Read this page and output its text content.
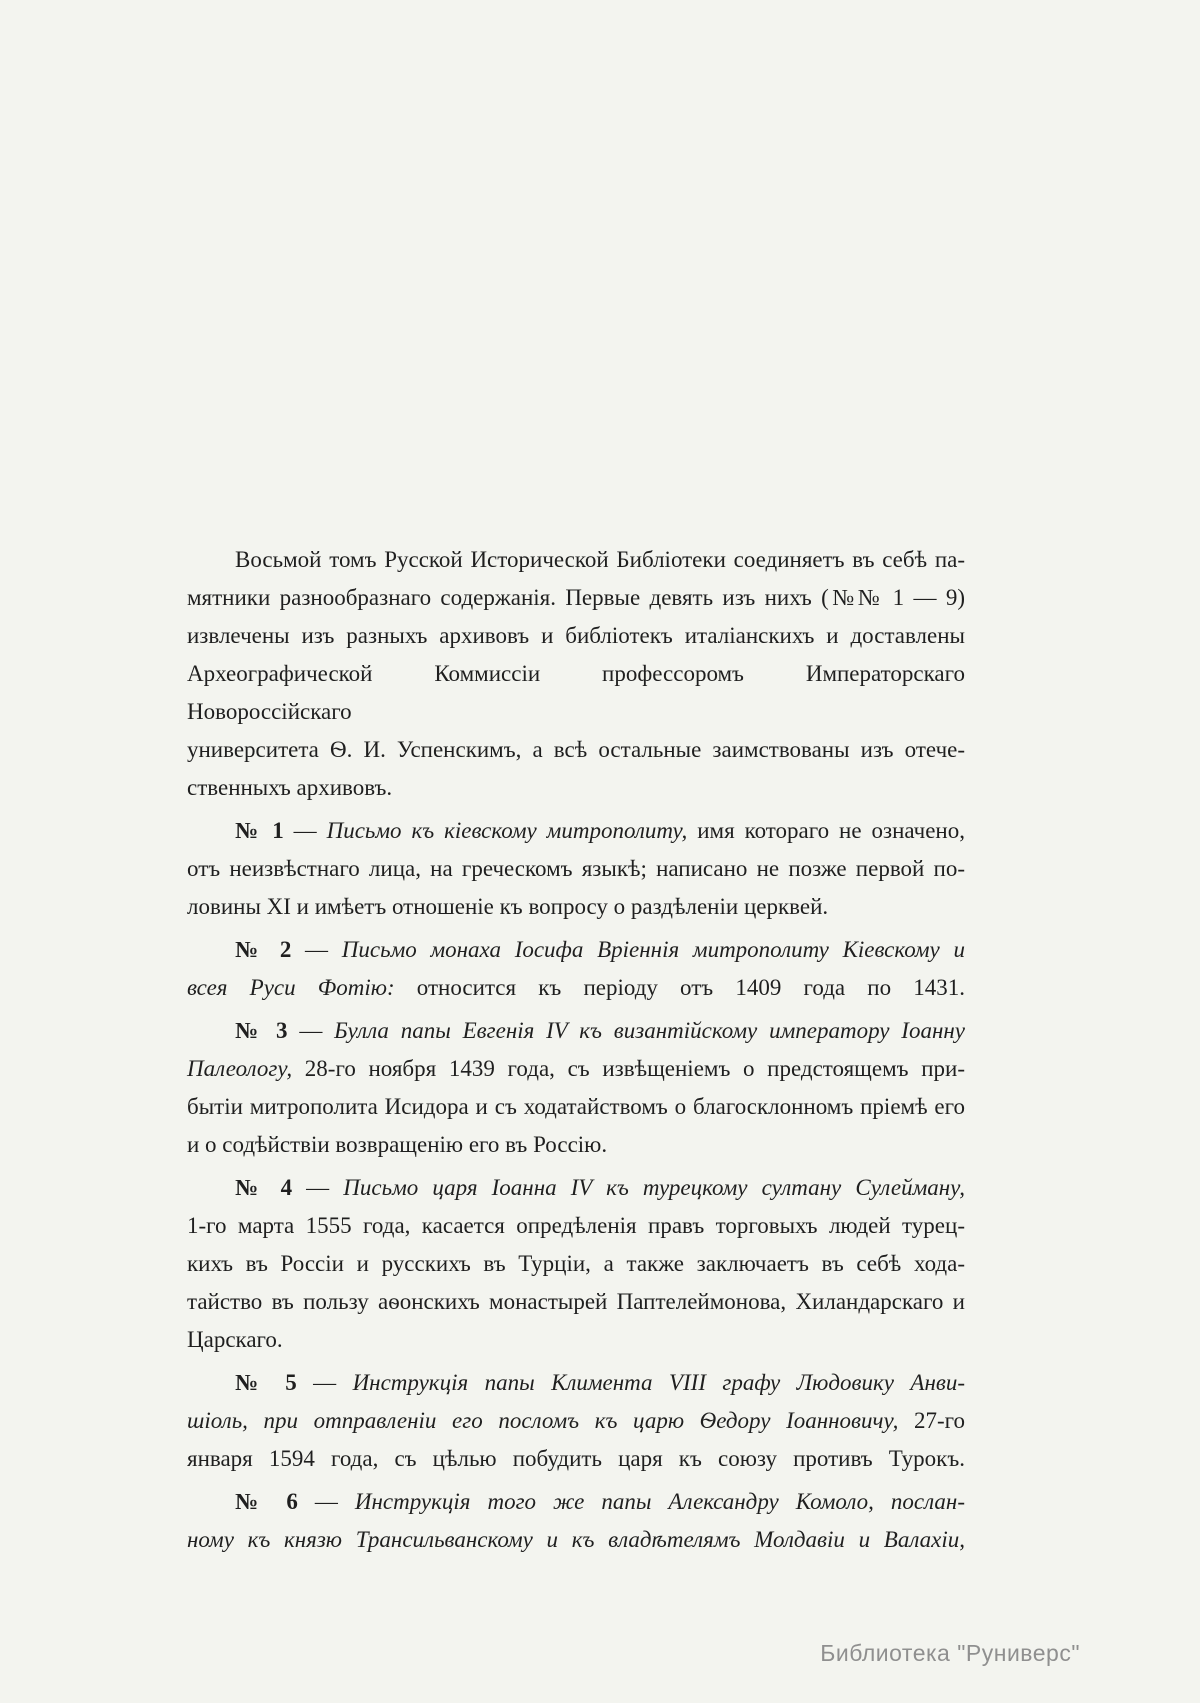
Восьмой томъ Русской Исторической Библіотеки соединяетъ въ себѣ па-
мятники разнообразнаго содержанія. Первые девять изъ нихъ (№№ 1 — 9)
извлечены изъ разныхъ архивовъ и библіотекъ италіанскихъ и доставлены
Археографической Коммиссіи профессоромъ Императорскаго Новороссійскаго
университета Ѳ. И. Успенскимъ, а всѣ остальные заимствованы изъ отече-
ственныхъ архивовъ.
№ 1 — Письмо къ кіевскому митрополиту, имя котораго не означено,
отъ неизвѣстнаго лица, на греческомъ языкѣ; написано не позже первой по-
ловины XI и имѣетъ отношеніе къ вопросу о раздѣленіи церквей.
№ 2 — Письмо монаха Іосифа Вріеннія митрополиту Кіевскому и
всея Руси Фотію: относится къ періоду отъ 1409 года по 1431.
№ 3 — Булла папы Евгенія IV къ византійскому императору Іоанну
Палеологу, 28-го ноября 1439 года, съ извѣщеніемъ о предстоящемъ при-
бытіи митрополита Исидора и съ ходатайствомъ о благосклонномъ пріемѣ его
и о содѣйствіи возвращенію его въ Россію.
№ 4 — Письмо царя Іоанна IV къ турецкому султану Сулейману,
1-го марта 1555 года, касается опредѣленія правъ торговыхъ людей турец-
кихъ въ Россіи и русскихъ въ Турціи, а также заключаетъ въ себѣ хода-
тайство въ пользу аѳонскихъ монастырей Паптелеймонова, Хиландарскаго и
Царскаго.
№ 5 — Инструкція папы Климента VIII графу Людовику Анви-
шіоль, при отправленіи его посломъ къ царю Ѳедору Іоанновичу, 27-го
января 1594 года, съ цѣлью побудить царя къ союзу противъ Турокъ.
№ 6 — Инструкція того же папы Александру Комоло, послан-
ному къ князю Трансильванскому и къ владѣтелямъ Молдавіи и Валахіи,
Библиотека "Руниверс"
